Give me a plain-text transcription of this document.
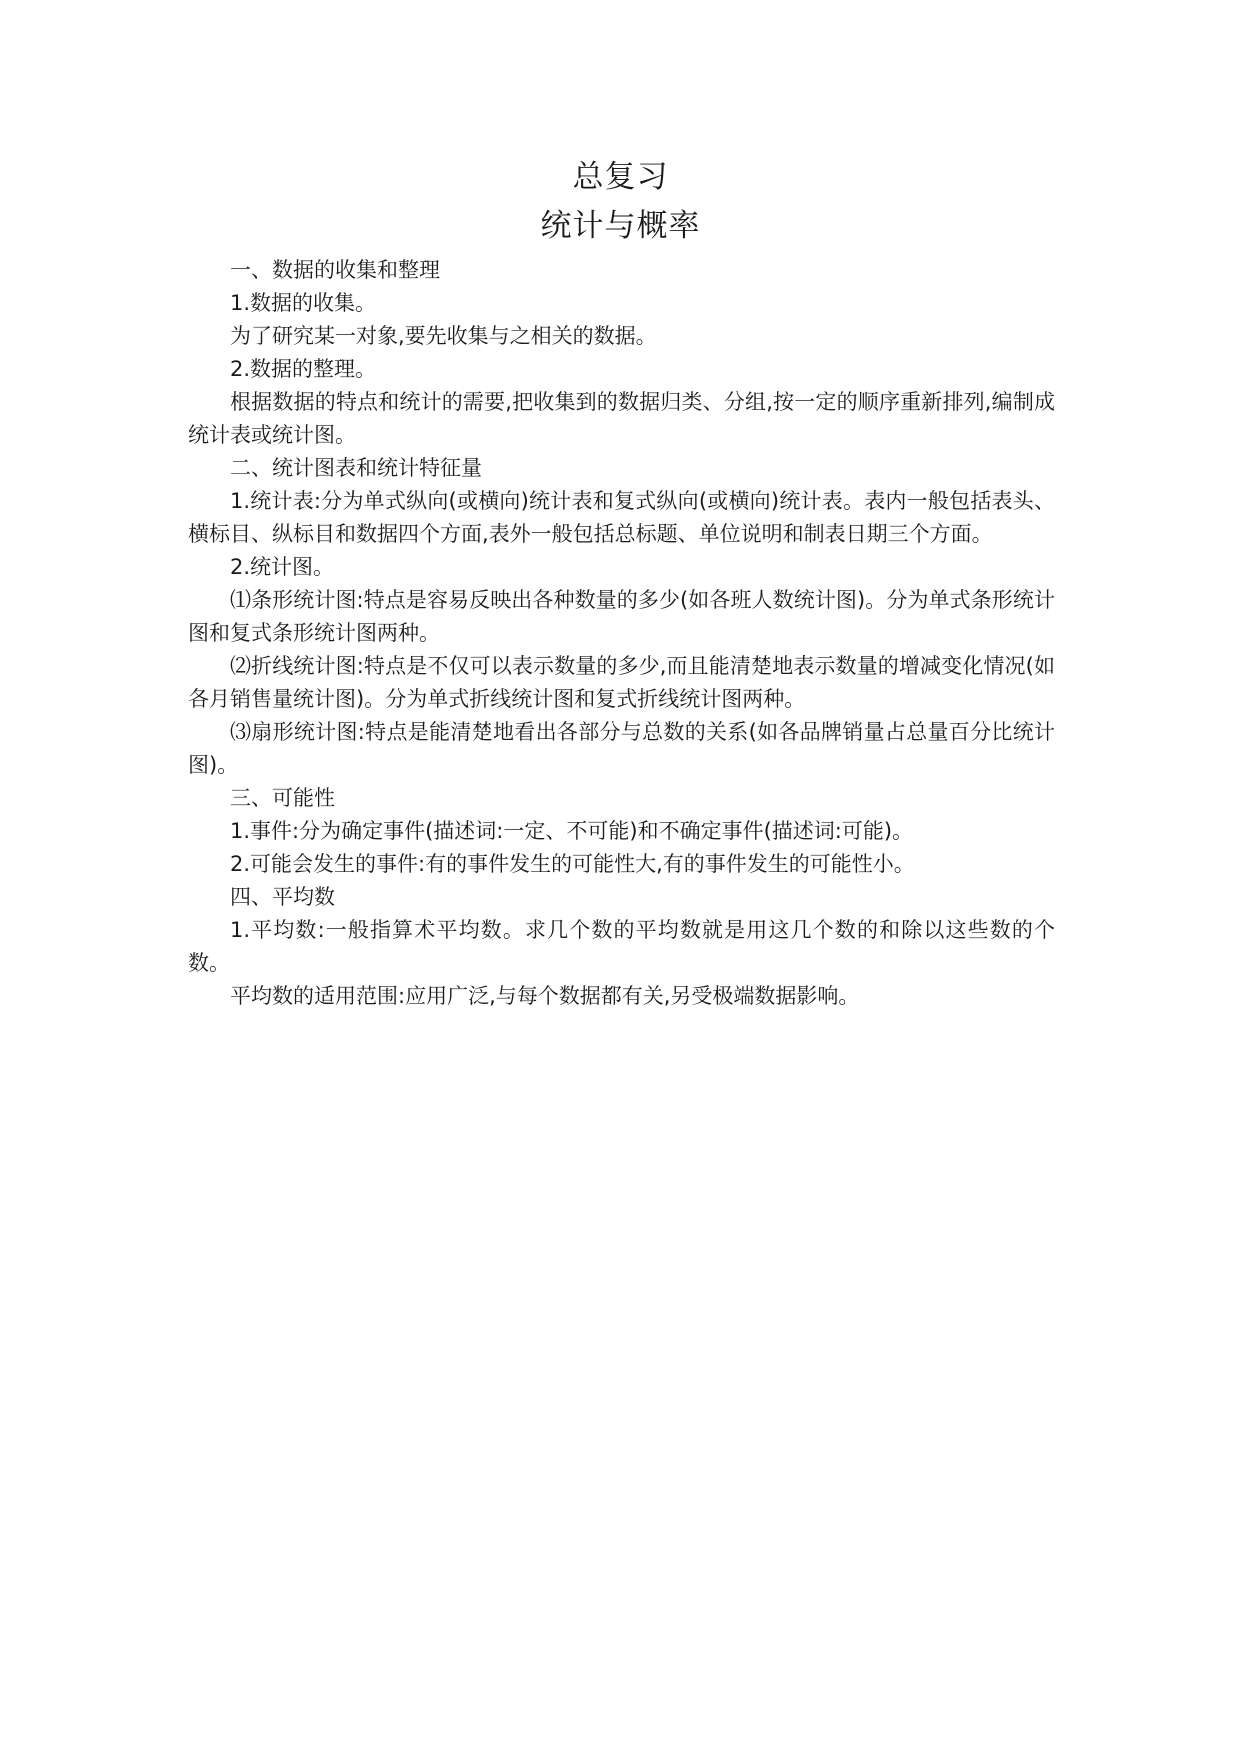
总复习
统计与概率

一、数据的收集和整理

1.数据的收集。

为了研究某一对象,要先收集与之相关的数据。

2.数据的整理。

根据数据的特点和统计的需要,把收集到的数据归类、分组,按一定的顺序重新排列,编制成统计表或统计图。

二、统计图表和统计特征量

1.统计表:分为单式纵向(或横向)统计表和复式纵向(或横向)统计表。表内一般包括表头、横标目、纵标目和数据四个方面,表外一般包括总标题、单位说明和制表日期三个方面。

2.统计图。

⑴条形统计图:特点是容易反映出各种数量的多少(如各班人数统计图)。分为单式条形统计图和复式条形统计图两种。

⑵折线统计图:特点是不仅可以表示数量的多少,而且能清楚地表示数量的增减变化情况(如各月销售量统计图)。分为单式折线统计图和复式折线统计图两种。

⑶扇形统计图:特点是能清楚地看出各部分与总数的关系(如各品牌销量占总量百分比统计图)。

三、可能性

1.事件:分为确定事件(描述词:一定、不可能)和不确定事件(描述词:可能)。

2.可能会发生的事件:有的事件发生的可能性大,有的事件发生的可能性小。

四、平均数

1.平均数:一般指算术平均数。求几个数的平均数就是用这几个数的和除以这些数的个数。

平均数的适用范围:应用广泛,与每个数据都有关,另受极端数据影响。
